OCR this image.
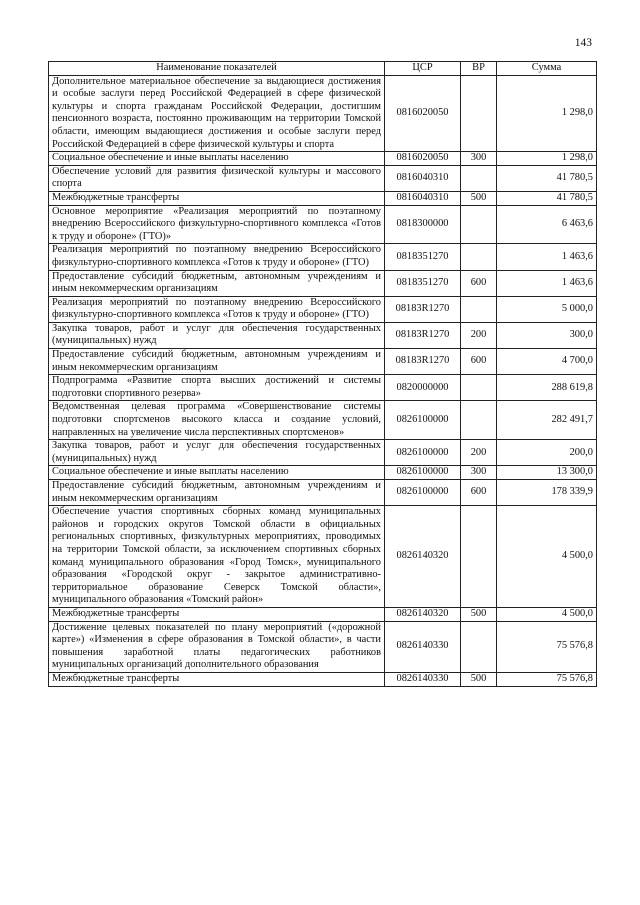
143
Наименование показателей	ЦСР	ВР	Сумма
Дополнительное материальное обеспечение за выдающиеся достижения и особые заслуги перед Российской Федерацией в сфере физической культуры и спорта гражданам Российской Федерации, достигшим пенсионного возраста, постоянно проживающим на территории Томской области, имеющим выдающиеся достижения и особые заслуги перед Российской Федерацией в сфере физической культуры и спорта	0816020050		1 298,0
Социальное обеспечение и иные выплаты населению	0816020050	300	1 298,0
Обеспечение условий для развития физической культуры и массового спорта	0816040310		41 780,5
Межбюджетные трансферты	0816040310	500	41 780,5
Основное мероприятие «Реализация мероприятий по поэтапному внедрению Всероссийского физкультурно-спортивного комплекса «Готов к труду и обороне» (ГТО)»	0818300000		6 463,6
Реализация мероприятий по поэтапному внедрению Всероссийского физкультурно-спортивного комплекса «Готов к труду и обороне» (ГТО)	0818351270		1 463,6
Предоставление субсидий бюджетным, автономным учреждениям и иным некоммерческим организациям	0818351270	600	1 463,6
Реализация мероприятий по поэтапному внедрению Всероссийского физкультурно-спортивного комплекса «Готов к труду и обороне» (ГТО)	08183R1270		5 000,0
Закупка товаров, работ и услуг для обеспечения государственных (муниципальных) нужд	08183R1270	200	300,0
Предоставление субсидий бюджетным, автономным учреждениям и иным некоммерческим организациям	08183R1270	600	4 700,0
Подпрограмма «Развитие спорта высших достижений и системы подготовки спортивного резерва»	0820000000		288 619,8
Ведомственная целевая программа «Совершенствование системы подготовки спортсменов высокого класса и создание условий, направленных на увеличение числа перспективных спортсменов»	0826100000		282 491,7
Закупка товаров, работ и услуг для обеспечения государственных (муниципальных) нужд	0826100000	200	200,0
Социальное обеспечение и иные выплаты населению	0826100000	300	13 300,0
Предоставление субсидий бюджетным, автономным учреждениям и иным некоммерческим организациям	0826100000	600	178 339,9
Обеспечение участия спортивных сборных команд муниципальных районов и городских округов Томской области в официальных региональных спортивных, физкультурных мероприятиях, проводимых на территории Томской области, за исключением спортивных сборных команд муниципального образования «Город Томск», муниципального образования «Городской округ - закрытое административно-территориальное образование Северск Томской области», муниципального образования «Томский район»	0826140320		4 500,0
Межбюджетные трансферты	0826140320	500	4 500,0
Достижение целевых показателей по плану мероприятий («дорожной карте») «Изменения в сфере образования в Томской области», в части повышения заработной платы педагогических работников муниципальных организаций дополнительного образования	0826140330		75 576,8
Межбюджетные трансферты	0826140330	500	75 576,8
